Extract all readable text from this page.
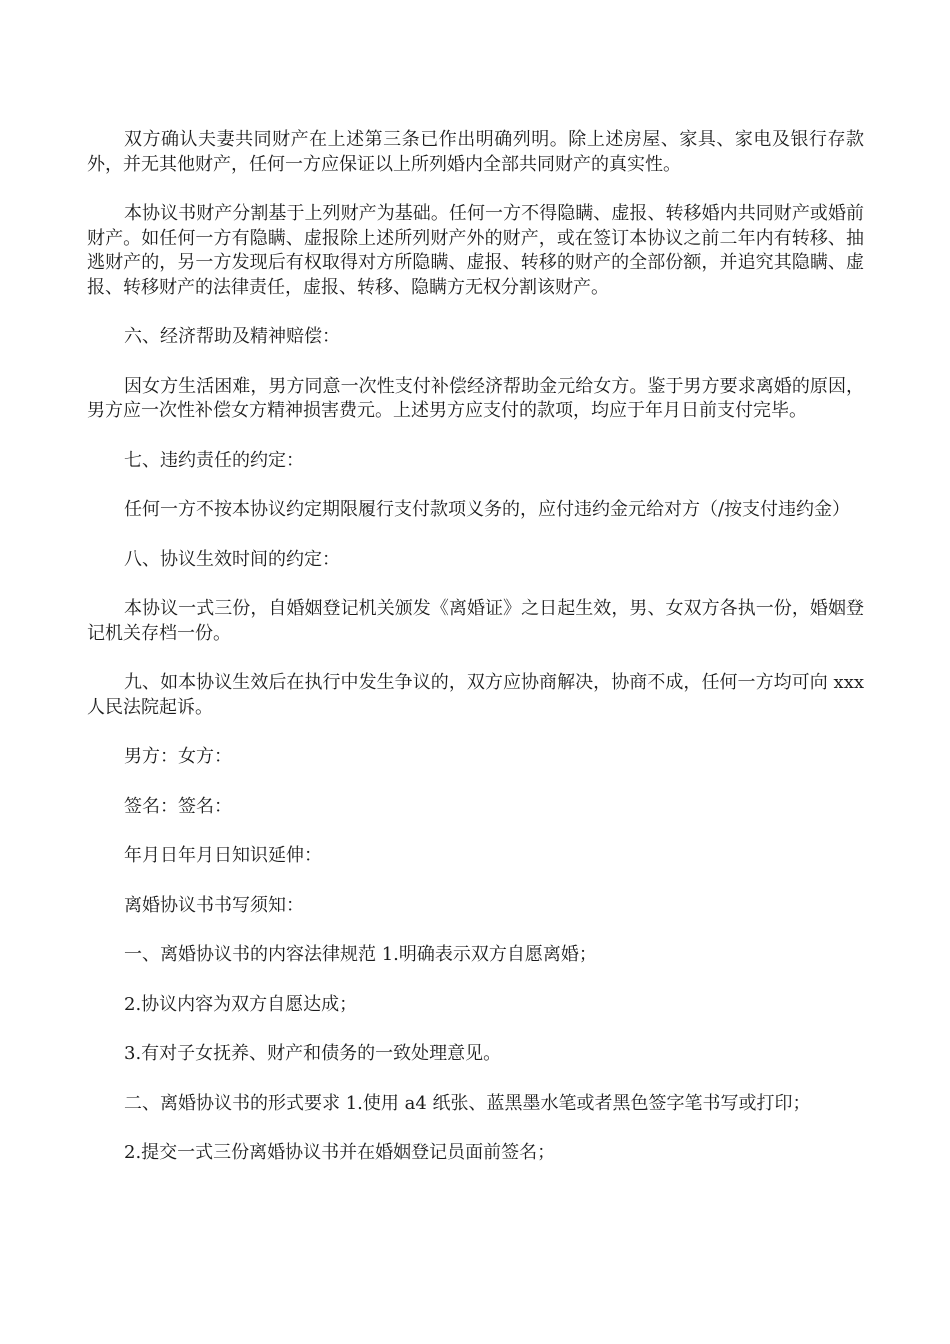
双方确认夫妻共同财产在上述第三条已作出明确列明。除上述房屋、家具、家电及银行存款外，并无其他财产，任何一方应保证以上所列婚内全部共同财产的真实性。

本协议书财产分割基于上列财产为基础。任何一方不得隐瞒、虚报、转移婚内共同财产或婚前财产。如任何一方有隐瞒、虚报除上述所列财产外的财产，或在签订本协议之前二年内有转移、抽逃财产的，另一方发现后有权取得对方所隐瞒、虚报、转移的财产的全部份额，并追究其隐瞒、虚报、转移财产的法律责任，虚报、转移、隐瞒方无权分割该财产。

六、经济帮助及精神赔偿：

因女方生活困难，男方同意一次性支付补偿经济帮助金元给女方。鉴于男方要求离婚的原因，男方应一次性补偿女方精神损害费元。上述男方应支付的款项，均应于年月日前支付完毕。

七、违约责任的约定：

任何一方不按本协议约定期限履行支付款项义务的，应付违约金元给对方（/按支付违约金）

八、协议生效时间的约定：

本协议一式三份，自婚姻登记机关颁发《离婚证》之日起生效，男、女双方各执一份，婚姻登记机关存档一份。

九、如本协议生效后在执行中发生争议的，双方应协商解决，协商不成，任何一方均可向 xxx 人民法院起诉。

男方：女方：

签名：签名：

年月日年月日知识延伸：

离婚协议书书写须知：

一、离婚协议书的内容法律规范 1.明确表示双方自愿离婚；

2.协议内容为双方自愿达成；

3.有对子女抚养、财产和债务的一致处理意见。

二、离婚协议书的形式要求 1.使用 a4 纸张、蓝黑墨水笔或者黑色签字笔书写或打印；

2.提交一式三份离婚协议书并在婚姻登记员面前签名；
